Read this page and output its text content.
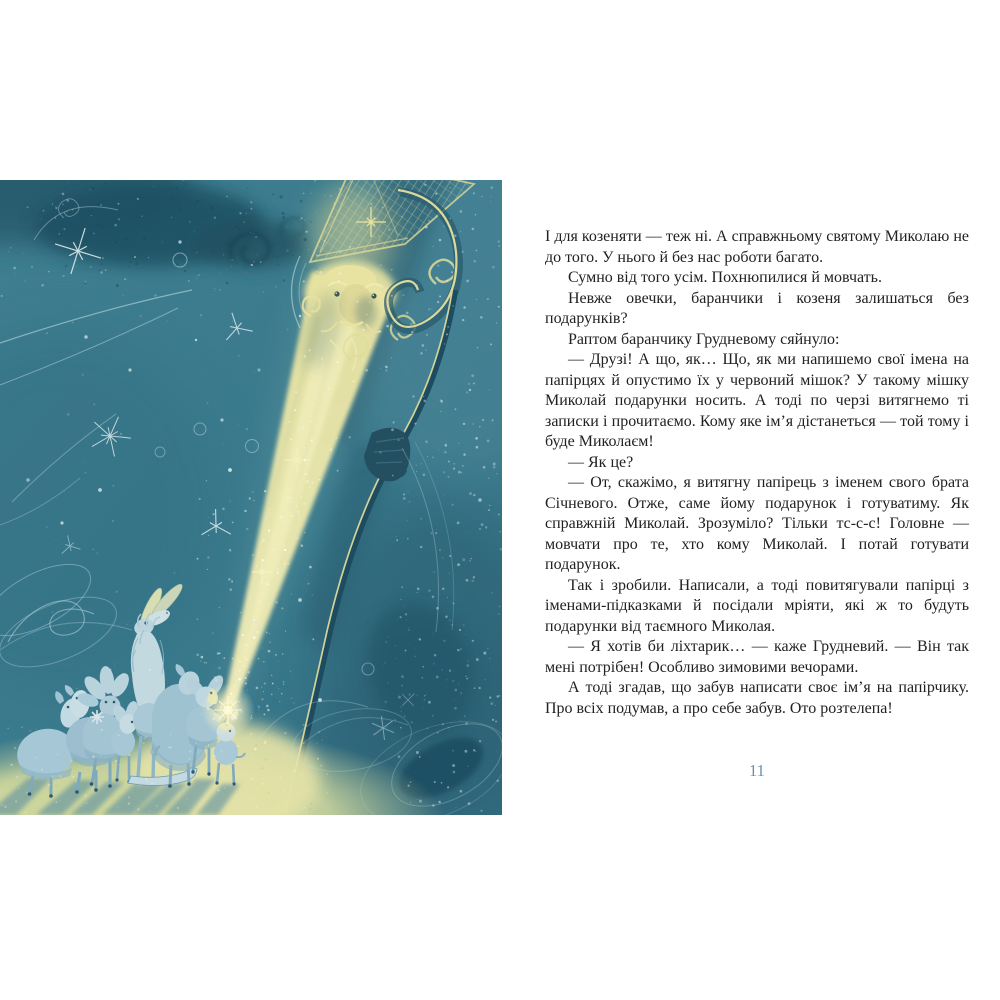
І для козеняти — теж ні. А справжньому святому Миколаю не до того. У нього й без нас роботи багато.

Сумно від того усім. Похнюпилися й мовчать.

Невже овечки, баранчики і козеня залишаться без подарунків?

Раптом баранчику Грудневому сяйнуло:

— Друзі! А що, як… Що, як ми напишемо свої імена на папірцях й опустимо їх у червоний мішок? У такому мішку Миколай подарунки носить. А тоді по черзі витягнемо ті записки і прочитаємо. Кому яке ім’я дістанеться — той тому і буде Миколаєм!

— Як це?

— От, скажімо, я витягну папірець з іменем свого брата Січневого. Отже, саме йому подарунок і готуватиму. Як справжній Миколай. Зрозуміло? Тільки тс-с-с! Головне — мовчати про те, хто кому Миколай. І потай готувати подарунок.

Так і зробили. Написали, а тоді повитягували папірці з іменами-підказками й посідали мріяти, які ж то будуть подарунки від таємного Миколая.

— Я хотів би ліхтарик… — каже Грудневий. — Він так мені потрібен! Особливо зимовими вечорами.

А тоді згадав, що забув написати своє ім’я на папірчику. Про всіх подумав, а про себе забув. Ото розтелепа!

11
